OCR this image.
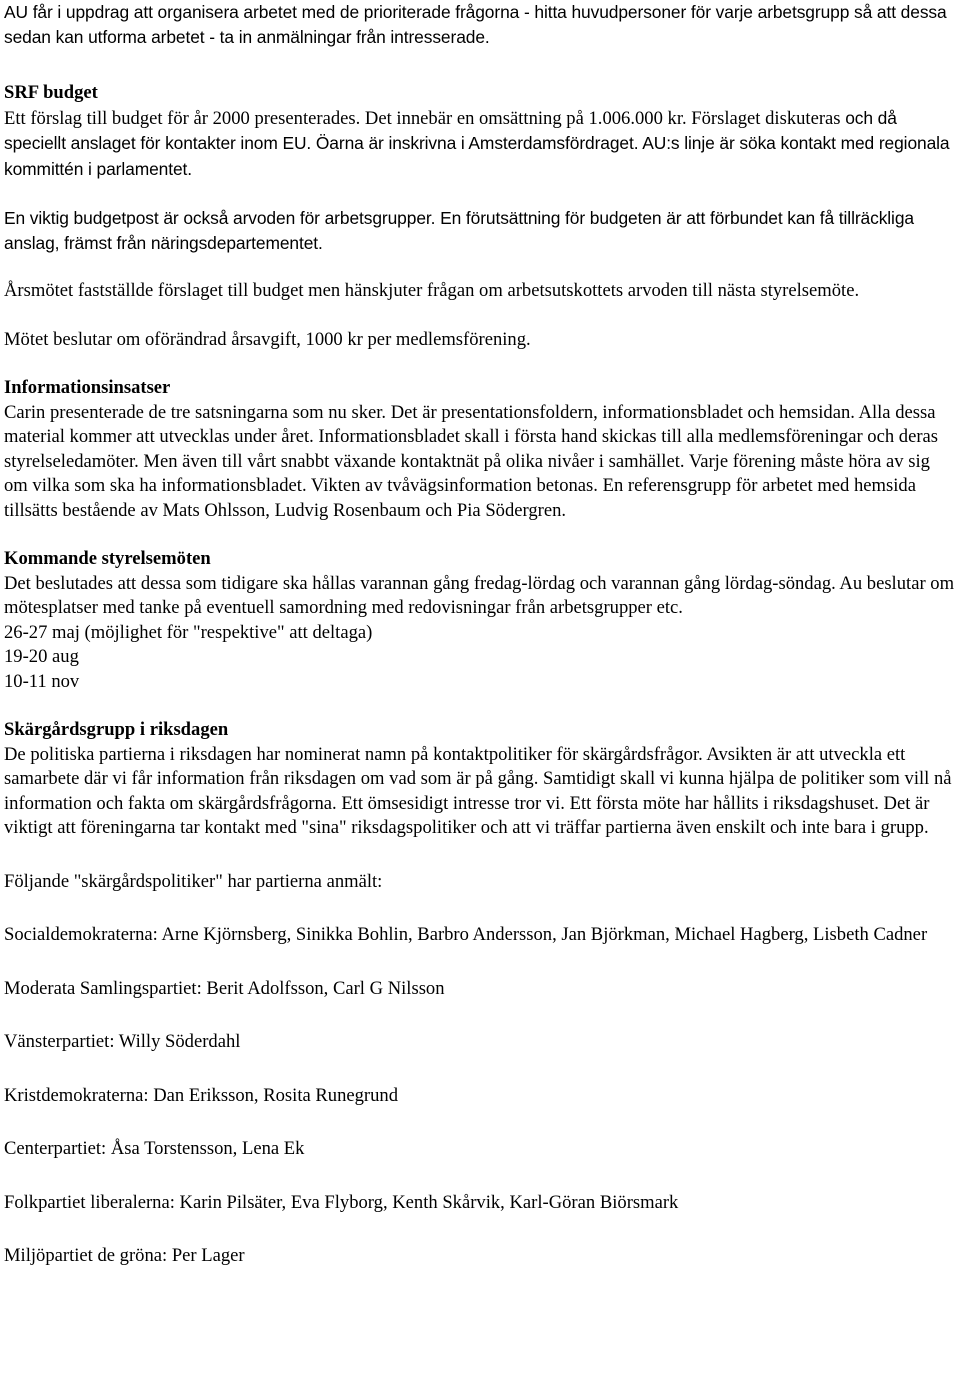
AU får i uppdrag att organisera arbetet med de prioriterade frågorna - hitta huvudpersoner för varje arbetsgrupp så att dessa sedan kan utforma arbetet - ta in anmälningar från intresserade.
SRF budget
Ett förslag till budget för år 2000 presenterades. Det innebär en omsättning på 1.006.000 kr. Förslaget diskuteras och då speciellt anslaget för kontakter inom EU. Öarna är inskrivna i Amsterdamsfördraget. AU:s linje är söka kontakt med regionala kommittén i parlamentet.
En viktig budgetpost är också arvoden för arbetsgrupper. En förutsättning för budgeten är att förbundet kan få tillräckliga anslag, främst från näringsdepartementet.
Årsmötet fastställde förslaget till budget men hänskjuter frågan om arbetsutskottets arvoden till nästa styrelsemöte.
Mötet beslutar om oförändrad årsavgift, 1000 kr per medlemsförening.
Informationsinsatser
Carin presenterade de tre satsningarna som nu sker. Det är presentationsfoldern, informationsbladet och hemsidan. Alla dessa material kommer att utvecklas under året. Informationsbladet skall i första hand skickas till alla medlemsföreningar och deras styrelseledamöter. Men även till vårt snabbt växande kontaktnät på olika nivåer i samhället. Varje förening måste höra av sig om vilka som ska ha informationsbladet. Vikten av tvåvägsinformation betonas. En referensgrupp för arbetet med hemsida tillsätts bestående av Mats Ohlsson, Ludvig Rosenbaum och Pia Södergren.
Kommande styrelsemöten
Det beslutades att dessa som tidigare ska hållas varannan gång fredag-lördag och varannan gång lördag-söndag. Au beslutar om mötesplatser med tanke på eventuell samordning med redovisningar från arbetsgrupper etc.
26-27 maj (möjlighet för "respektive" att deltaga)
19-20 aug
10-11 nov
Skärgårdsgrupp i riksdagen
De politiska partierna i riksdagen har nominerat namn på kontaktpolitiker för skärgårdsfrågor. Avsikten är att utveckla ett samarbete där vi får information från riksdagen om vad som är på gång. Samtidigt skall vi kunna hjälpa de politiker som vill nå information och fakta om skärgårdsfrågorna. Ett ömsesidigt intresse tror vi. Ett första möte har hållits i riksdagshuset. Det är viktigt att föreningarna tar kontakt med "sina" riksdagspolitiker och att vi träffar partierna även enskilt och inte bara i grupp.
Följande "skärgårdspolitiker" har partierna anmält:
Socialdemokraterna: Arne Kjörnsberg, Sinikka Bohlin, Barbro Andersson, Jan Björkman, Michael Hagberg, Lisbeth Cadner
Moderata Samlingspartiet: Berit Adolfsson, Carl G Nilsson
Vänsterpartiet: Willy Söderdahl
Kristdemokraterna: Dan Eriksson, Rosita Runegrund
Centerpartiet: Åsa Torstensson, Lena Ek
Folkpartiet liberalerna: Karin Pilsäter, Eva Flyborg, Kenth Skårvik, Karl-Göran Biörsmark
Miljöpartiet de gröna: Per Lager
